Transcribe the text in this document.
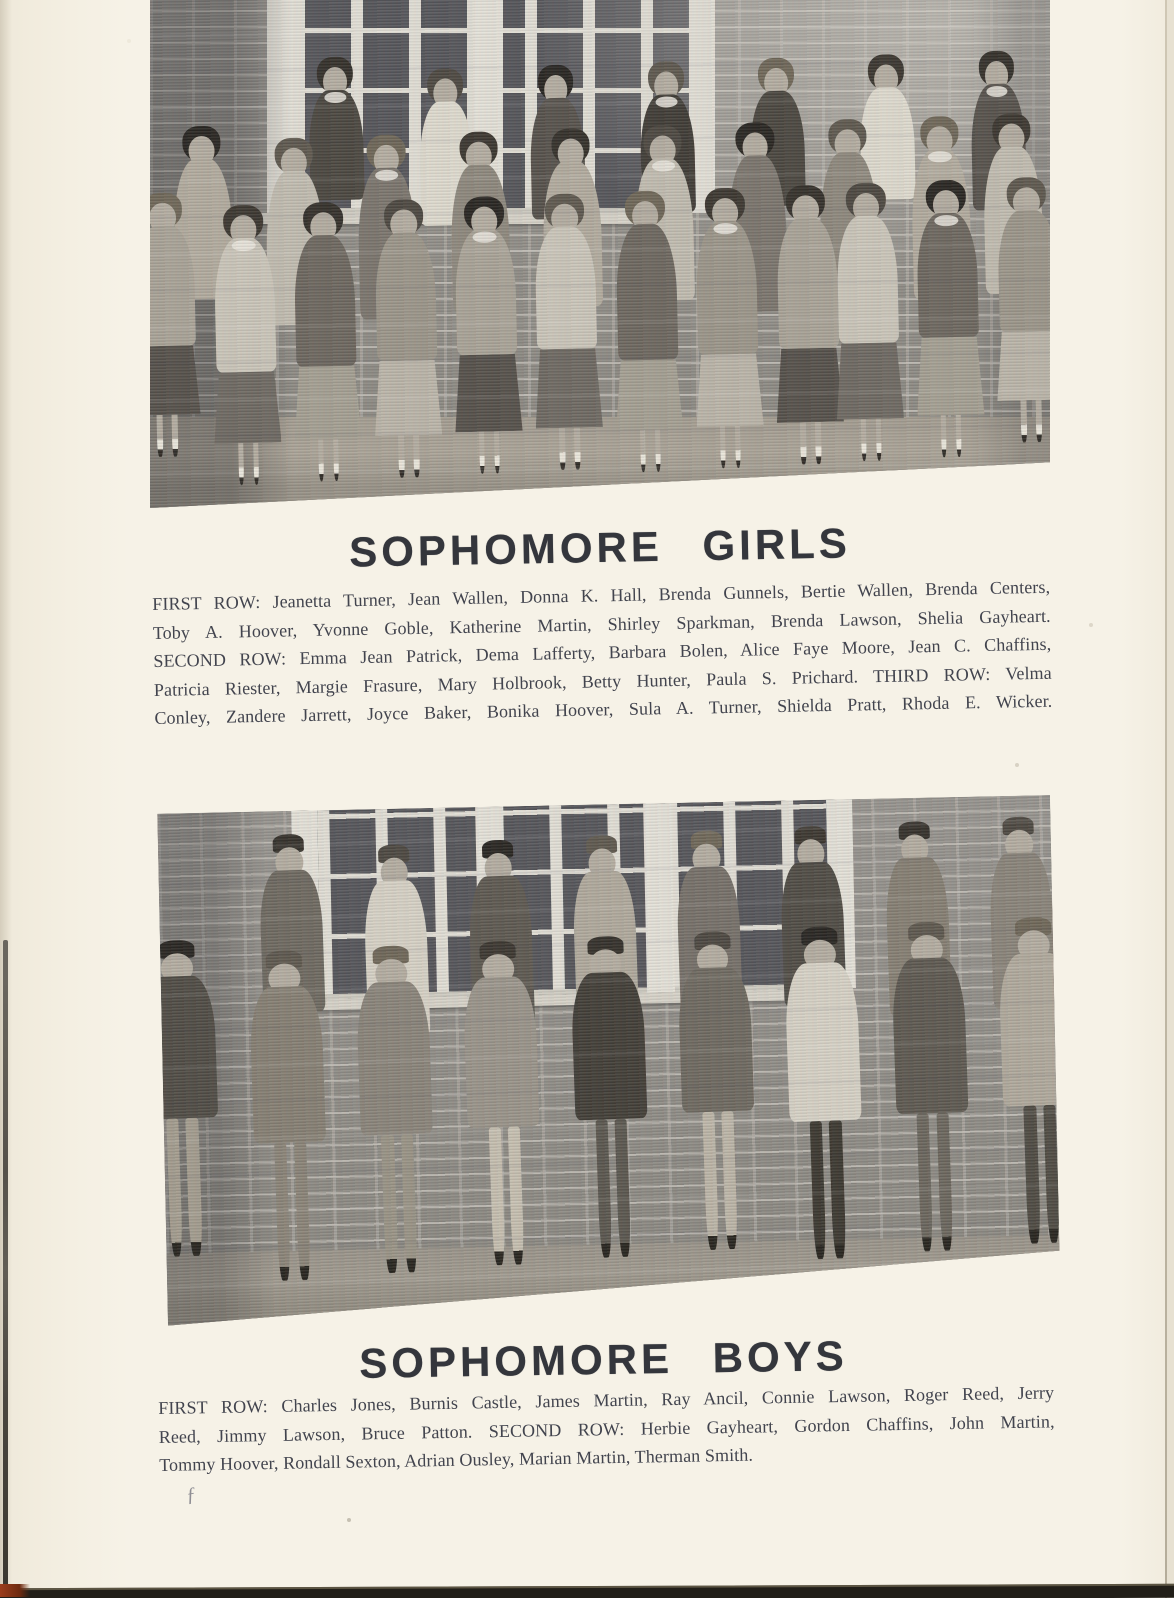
SOPHOMORE GIRLS
FIRST ROW: Jeanetta Turner, Jean Wallen, Donna K. Hall, Brenda Gunnels, Bertie Wallen, Brenda Centers,
Toby A. Hoover, Yvonne Goble, Katherine Martin, Shirley Sparkman, Brenda Lawson, Shelia Gayheart.
SECOND ROW: Emma Jean Patrick, Dema Lafferty, Barbara Bolen, Alice Faye Moore, Jean C. Chaffins,
Patricia Riester, Margie Frasure, Mary Holbrook, Betty Hunter, Paula S. Prichard. THIRD ROW: Velma
Conley, Zandere Jarrett, Joyce Baker, Bonika Hoover, Sula A. Turner, Shielda Pratt, Rhoda E. Wicker.
SOPHOMORE BOYS
FIRST ROW: Charles Jones, Burnis Castle, James Martin, Ray Ancil, Connie Lawson, Roger Reed, Jerry
Reed, Jimmy Lawson, Bruce Patton. SECOND ROW: Herbie Gayheart, Gordon Chaffins, John Martin,
Tommy Hoover, Rondall Sexton, Adrian Ousley, Marian Martin, Therman Smith.
ƒ
